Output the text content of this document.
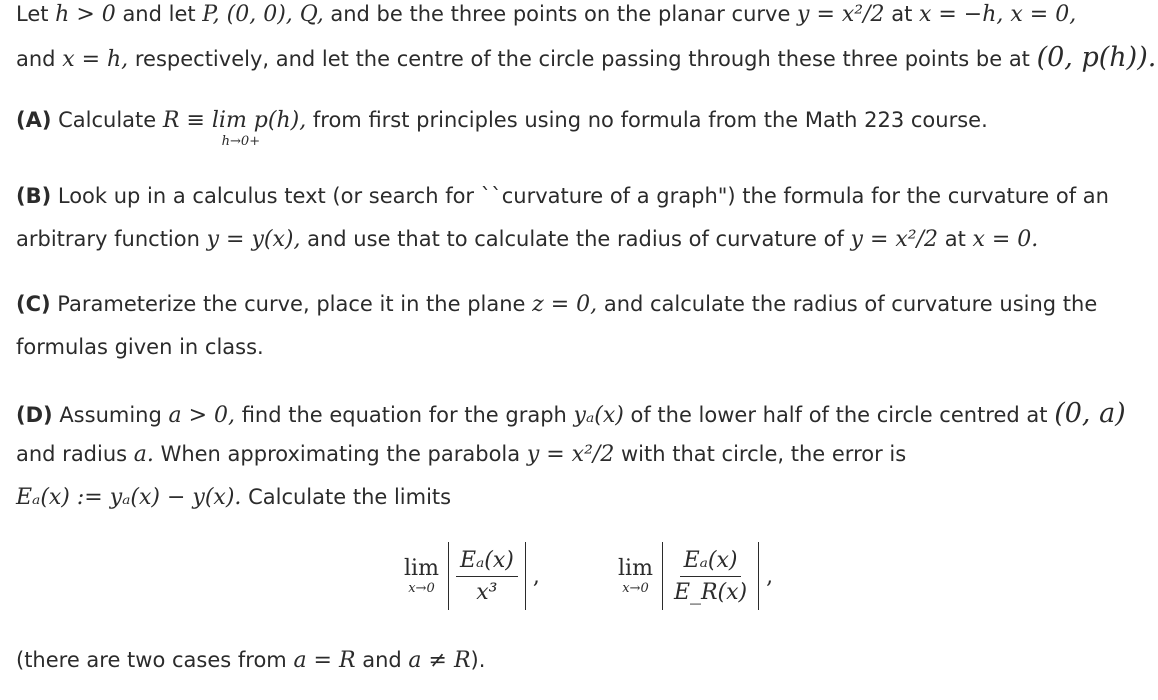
Let h > 0 and let P, (0, 0), Q, and be the three points on the planar curve y = x²/2 at x = −h, x = 0,
and x = h, respectively, and let the centre of the circle passing through these three points be at (0, p(h)).
(A) Calculate R ≡ lim p(h),
h→0+
from first principles using no formula from the Math 223 course.
(B) Look up in a calculus text (or search for ``curvature of a graph") the formula for the curvature of an
arbitrary function y = y(x), and use that to calculate the radius of curvature of y = x²/2 at x = 0.
(C) Parameterize the curve, place it in the plane z = 0, and calculate the radius of curvature using the
formulas given in class.
(D) Assuming a > 0, find the equation for the graph yₐ(x) of the lower half of the circle centred at (0, a)
and radius a. When approximating the parabola y = x²/2 with that circle, the error is
Eₐ(x) := yₐ(x) − y(x). Calculate the limits
lim
$x\to 0 \frac{\text{Eₐ(x)}}{\text{x³}}$ ,	lim
$x\to 0 \frac{\text{Eₐ(x)}}{E\_R(x)}$ ,
(there are two cases from a = R and a ≠ R).
